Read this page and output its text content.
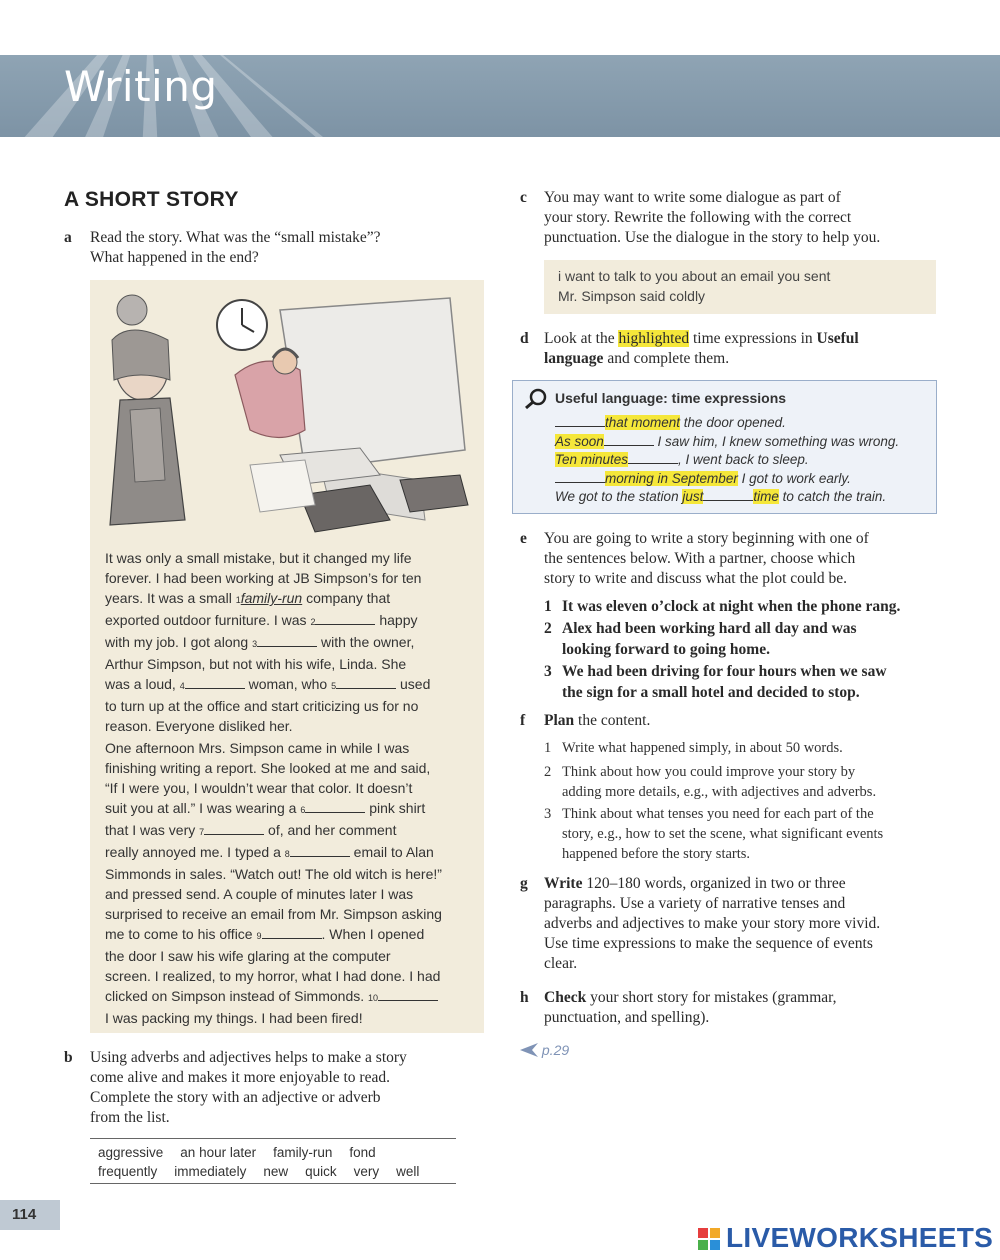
Writing
A SHORT STORY
a Read the story. What was the “small mistake”?
What happened in the end?

It was only a small mistake, but it changed my life

forever. I had been working at JB Simpson’s for ten

years. It was a small 1family-run company that

exported outdoor furniture. I was 2	happy

with my job. I got along 3	with the owner,

Arthur Simpson, but not with his wife, Linda. She

was a loud, 4	woman, who 5	used

to turn up at the office and start criticizing us for no

reason. Everyone disliked her.

One afternoon Mrs. Simpson came in while I was

finishing writing a report. She looked at me and said,

“If I were you, I wouldn’t wear that color. It doesn’t

suit you at all.” I was wearing a 6	pink shirt

that I was very 7	of, and her comment

really annoyed me. I typed a 8	email to Alan

Simmonds in sales. “Watch out! The old witch is here!”

and pressed send. A couple of minutes later I was

surprised to receive an email from Mr. Simpson asking

me to come to his office 9	. When I opened

the door I saw his wife glaring at the computer

screen. I realized, to my horror, what I had done. I had

clicked on Simpson instead of Simmonds. 10

I was packing my things. I had been fired!

b Using adverbs and adjectives helps to make a story
come alive and makes it more enjoyable to read.
Complete the story with an adjective or adverb
from the list.
aggressive an hour later family-run fond
frequently immediately new quick very well
114
c You may want to write some dialogue as part of
your story. Rewrite the following with the correct
punctuation. Use the dialogue in the story to help you.
i want to talk to you about an email you sent
Mr. Simpson said coldly
d Look at the highlighted time expressions in Useful
language and complete them.
Useful language: time expressions
that moment the door opened.
As soon	I saw him, I knew something was wrong.
Ten minutes	, I went back to sleep.
morning in September I got to work early.
We got to the station just	time to catch the train.
e You are going to write a story beginning with one of
the sentences below. With a partner, choose which
story to write and discuss what the plot could be.
1 It was eleven o’clock at night when the phone rang.
2 Alex had been working hard all day and was
looking forward to going home.
3 We had been driving for four hours when we saw
the sign for a small hotel and decided to stop.
f Plan the content.
1 Write what happened simply, in about 50 words.
2 Think about how you could improve your story by
adding more details, e.g., with adjectives and adverbs.
3 Think about what tenses you need for each part of the
story, e.g., how to set the scene, what significant events
happened before the story starts.
g Write 120–180 words, organized in two or three
paragraphs. Use a variety of narrative tenses and
adverbs and adjectives to make your story more vivid.
Use time expressions to make the sequence of events
clear.
h Check your short story for mistakes (grammar,
punctuation, and spelling).
p.29
LIVEWORKSHEETS
